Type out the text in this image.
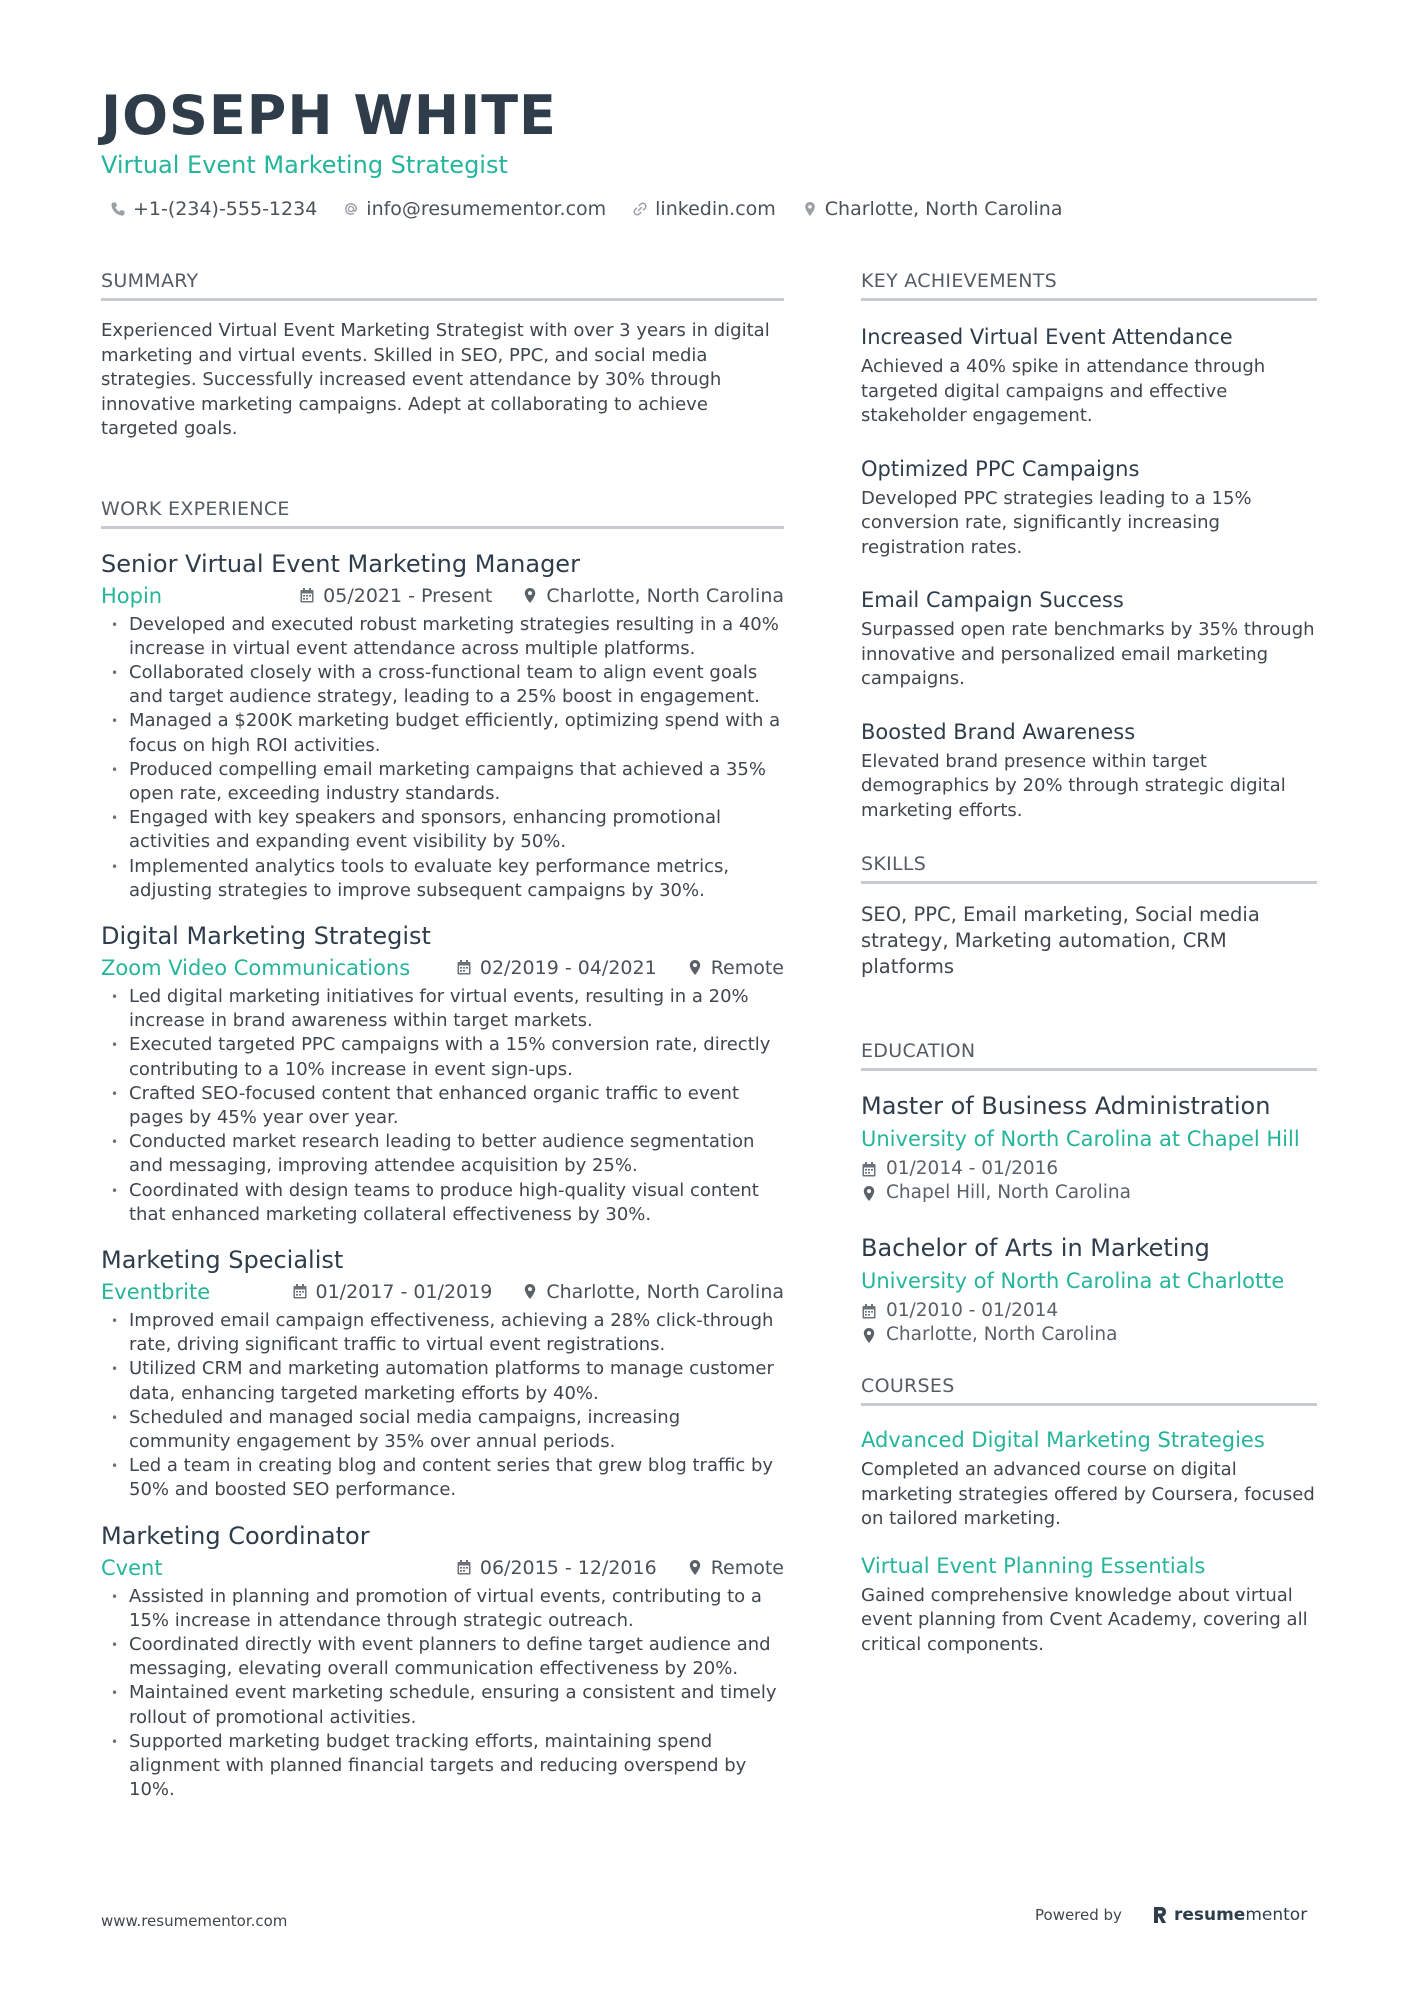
JOSEPH WHITE
Virtual Event Marketing Strategist
+1-(234)-555-1234	info@resumementor.com	linkedin.com	Charlotte, North Carolina
SUMMARY
Experienced Virtual Event Marketing Strategist with over 3 years in digital marketing and virtual events. Skilled in SEO, PPC, and social media strategies. Successfully increased event attendance by 30% through innovative marketing campaigns. Adept at collaborating to achieve targeted goals.
WORK EXPERIENCE
Senior Virtual Event Marketing Manager
Hopin	05/2021 - Present	Charlotte, North Carolina
• Developed and executed robust marketing strategies resulting in a 40% increase in virtual event attendance across multiple platforms.
• Collaborated closely with a cross-functional team to align event goals and target audience strategy, leading to a 25% boost in engagement.
• Managed a $200K marketing budget efficiently, optimizing spend with a focus on high ROI activities.
• Produced compelling email marketing campaigns that achieved a 35% open rate, exceeding industry standards.
• Engaged with key speakers and sponsors, enhancing promotional activities and expanding event visibility by 50%.
• Implemented analytics tools to evaluate key performance metrics, adjusting strategies to improve subsequent campaigns by 30%.
Digital Marketing Strategist
Zoom Video Communications	02/2019 - 04/2021	Remote
• Led digital marketing initiatives for virtual events, resulting in a 20% increase in brand awareness within target markets.
• Executed targeted PPC campaigns with a 15% conversion rate, directly contributing to a 10% increase in event sign-ups.
• Crafted SEO-focused content that enhanced organic traffic to event pages by 45% year over year.
• Conducted market research leading to better audience segmentation and messaging, improving attendee acquisition by 25%.
• Coordinated with design teams to produce high-quality visual content that enhanced marketing collateral effectiveness by 30%.
Marketing Specialist
Eventbrite	01/2017 - 01/2019	Charlotte, North Carolina
• Improved email campaign effectiveness, achieving a 28% click-through rate, driving significant traffic to virtual event registrations.
• Utilized CRM and marketing automation platforms to manage customer data, enhancing targeted marketing efforts by 40%.
• Scheduled and managed social media campaigns, increasing community engagement by 35% over annual periods.
• Led a team in creating blog and content series that grew blog traffic by 50% and boosted SEO performance.
Marketing Coordinator
Cvent	06/2015 - 12/2016	Remote
• Assisted in planning and promotion of virtual events, contributing to a 15% increase in attendance through strategic outreach.
• Coordinated directly with event planners to define target audience and messaging, elevating overall communication effectiveness by 20%.
• Maintained event marketing schedule, ensuring a consistent and timely rollout of promotional activities.
• Supported marketing budget tracking efforts, maintaining spend alignment with planned financial targets and reducing overspend by 10%.
KEY ACHIEVEMENTS
Increased Virtual Event Attendance
Achieved a 40% spike in attendance through targeted digital campaigns and effective stakeholder engagement.
Optimized PPC Campaigns
Developed PPC strategies leading to a 15% conversion rate, significantly increasing registration rates.
Email Campaign Success
Surpassed open rate benchmarks by 35% through innovative and personalized email marketing campaigns.
Boosted Brand Awareness
Elevated brand presence within target demographics by 20% through strategic digital marketing efforts.
SKILLS
SEO, PPC, Email marketing, Social media strategy, Marketing automation, CRM platforms
EDUCATION
Master of Business Administration
University of North Carolina at Chapel Hill
01/2014 - 01/2016
Chapel Hill, North Carolina
Bachelor of Arts in Marketing
University of North Carolina at Charlotte
01/2010 - 01/2014
Charlotte, North Carolina
COURSES
Advanced Digital Marketing Strategies
Completed an advanced course on digital marketing strategies offered by Coursera, focused on tailored marketing.
Virtual Event Planning Essentials
Gained comprehensive knowledge about virtual event planning from Cvent Academy, covering all critical components.
www.resumementor.com	Powered by	resume mentor
